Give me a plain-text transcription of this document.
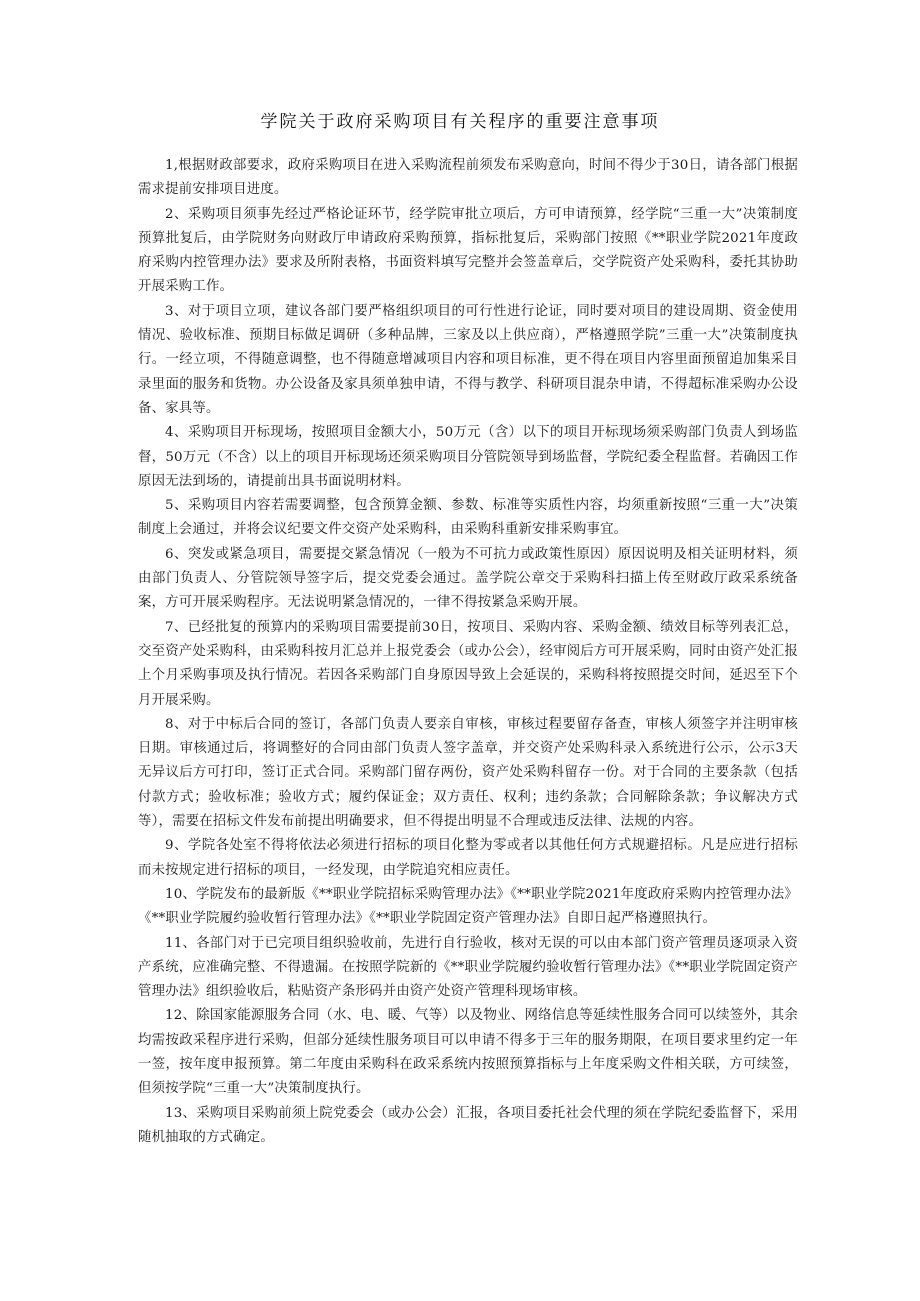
学院关于政府采购项目有关程序的重要注意事项

1,根据财政部要求，政府采购项目在进入采购流程前须发布采购意向，时间不得少于30日，请各部门根据需求提前安排项目进度。

2、采购项目须事先经过严格论证环节，经学院审批立项后，方可申请预算，经学院“三重一大”决策制度预算批复后，由学院财务向财政厅申请政府采购预算，指标批复后，采购部门按照《**职业学院2021年度政府采购内控管理办法》要求及所附表格，书面资料填写完整并会签盖章后，交学院资产处采购科，委托其协助开展采购工作。

3、对于项目立项，建议各部门要严格组织项目的可行性进行论证，同时要对项目的建设周期、资金使用情况、验收标准、预期目标做足调研（多种品牌，三家及以上供应商），严格遵照学院”三重一大”决策制度执行。一经立项，不得随意调整，也不得随意增减项目内容和项目标准，更不得在项目内容里面预留追加集采目录里面的服务和货物。办公设备及家具须单独申请，不得与教学、科研项目混杂申请，不得超标准采购办公设备、家具等。

4、采购项目开标现场，按照项目金额大小，50万元（含）以下的项目开标现场须采购部门负责人到场监督，50万元（不含）以上的项目开标现场还须采购项目分管院领导到场监督，学院纪委全程监督。若确因工作原因无法到场的，请提前出具书面说明材料。

5、采购项目内容若需要调整，包含预算金额、参数、标准等实质性内容，均须重新按照“三重一大”决策制度上会通过，并将会议纪要文件交资产处采购科，由采购科重新安排采购事宜。

6、突发或紧急项目，需要提交紧急情况（一般为不可抗力或政策性原因）原因说明及相关证明材料，须由部门负责人、分管院领导签字后，提交党委会通过。盖学院公章交于采购科扫描上传至财政厅政采系统备案，方可开展采购程序。无法说明紧急情况的，一律不得按紧急采购开展。

7、已经批复的预算内的采购项目需要提前30日，按项目、采购内容、采购金额、绩效目标等列表汇总，交至资产处采购科，由采购科按月汇总并上报党委会（或办公会），经审阅后方可开展采购，同时由资产处汇报上个月采购事项及执行情况。若因各采购部门自身原因导致上会延误的，采购科将按照提交时间，延迟至下个月开展采购。

8、对于中标后合同的签订，各部门负责人要亲自审核，审核过程要留存备查，审核人须签字并注明审核日期。审核通过后，将调整好的合同由部门负责人签字盖章，并交资产处采购科录入系统进行公示，公示3天无异议后方可打印，签订正式合同。采购部门留存两份，资产处采购科留存一份。对于合同的主要条款（包括付款方式；验收标准；验收方式；履约保证金；双方责任、权利；违约条款；合同解除条款；争议解决方式等），需要在招标文件发布前提出明确要求，但不得提出明显不合理或违反法律、法规的内容。

9、学院各处室不得将依法必须进行招标的项目化整为零或者以其他任何方式规避招标。凡是应进行招标而未按规定进行招标的项目，一经发现，由学院追究相应责任。

10、学院发布的最新版《**职业学院招标采购管理办法》《**职业学院2021年度政府采购内控管理办法》《**职业学院履约验收暂行管理办法》《**职业学院固定资产管理办法》自即日起严格遵照执行。

11、各部门对于已完项目组织验收前，先进行自行验收，核对无误的可以由本部门资产管理员逐项录入资产系统，应准确完整、不得遗漏。在按照学院新的《**职业学院履约验收暂行管理办法》《**职业学院固定资产管理办法》组织验收后，粘贴资产条形码并由资产处资产管理科现场审核。

12、除国家能源服务合同（水、电、暖、气等）以及物业、网络信息等延续性服务合同可以续签外，其余均需按政采程序进行采购，但部分延续性服务项目可以申请不得多于三年的服务期限，在项目要求里约定一年一签，按年度申报预算。第二年度由采购科在政采系统内按照预算指标与上年度采购文件相关联，方可续签，但须按学院“三重一大”决策制度执行。

13、采购项目采购前须上院党委会（或办公会）汇报，各项目委托社会代理的须在学院纪委监督下，采用随机抽取的方式确定。
